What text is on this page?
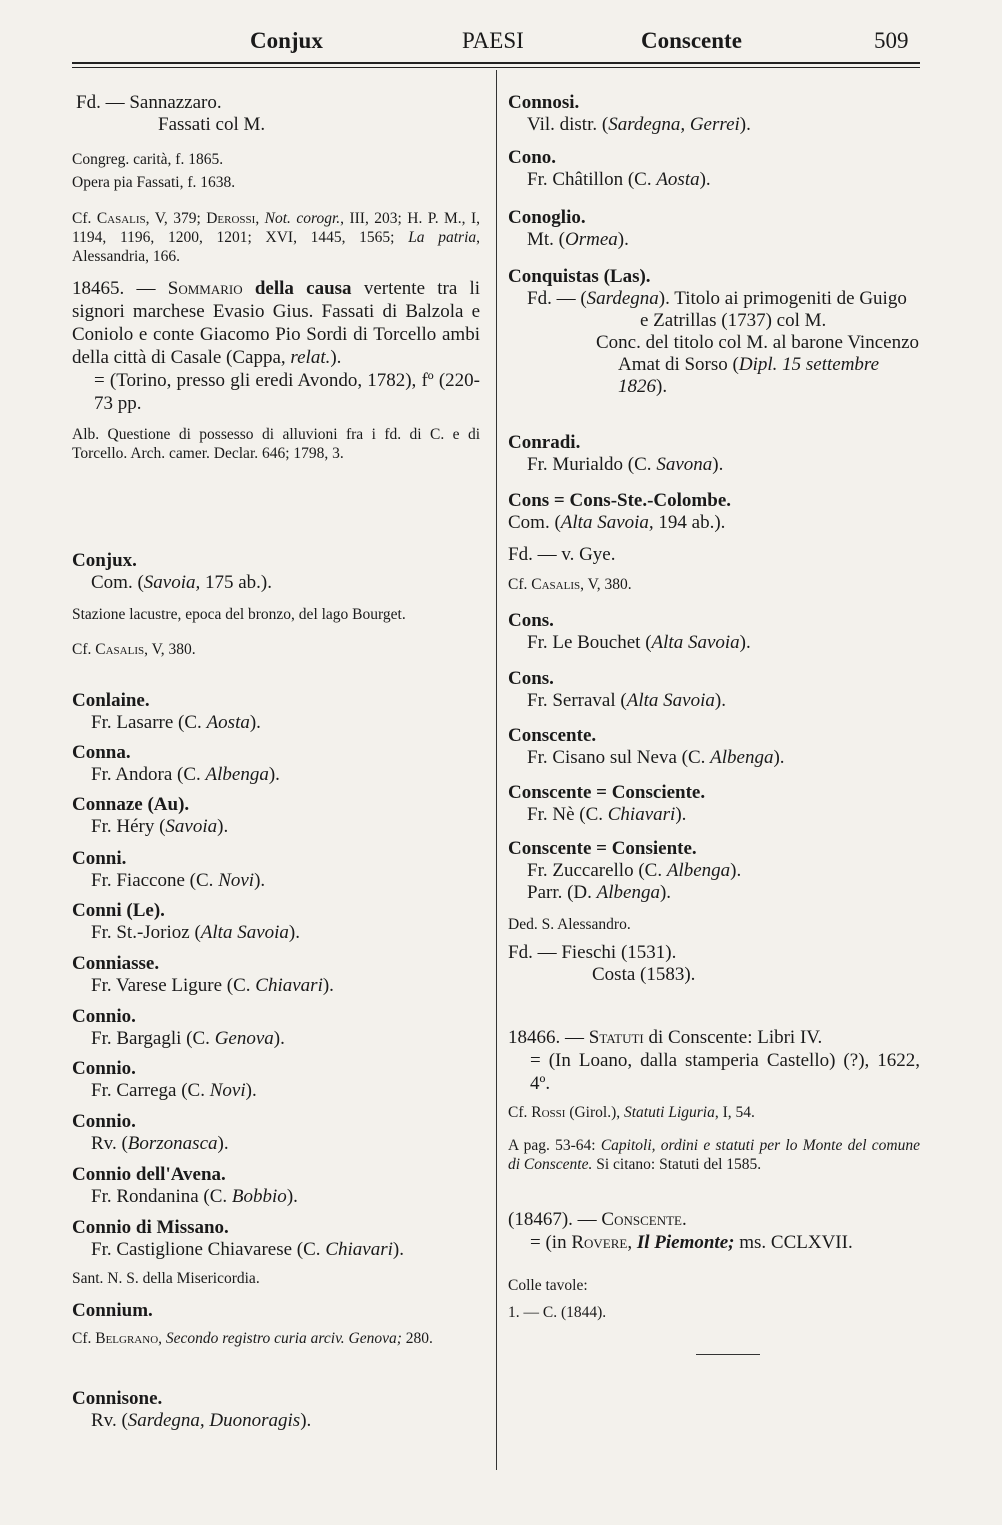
Conjux	PAESI	Conscente	509
Fd. — Sannazzaro.
Fassati col M.
Congreg. carità, f. 1865.
Opera pia Fassati, f. 1638.
Cf. Casalis, V, 379; Derossi, Not. corogr., III, 203; H. P. M., I, 1194, 1196, 1200, 1201; XVI, 1445, 1565; La patria, Alessandria, 166.
18465. — Sommario della causa vertente tra li signori marchese Evasio Gius. Fassati di Balzola e Coniolo e conte Giacomo Pio Sordi di Torcello ambi della città di Casale (Cappa, relat.).
= (Torino, presso gli eredi Avondo, 1782), fº (220-73 pp.
Alb. Questione di possesso di alluvioni fra i fd. di C. e di Torcello. Arch. camer. Declar. 646; 1798, 3.
Conjux.
Com. (Savoia, 175 ab.).
Stazione lacustre, epoca del bronzo, del lago Bourget.
Cf. Casalis, V, 380.
Conlaine.
Fr. Lasarre (C. Aosta).
Conna.
Fr. Andora (C. Albenga).
Connaze (Au).
Fr. Héry (Savoia).
Conni.
Fr. Fiaccone (C. Novi).
Conni (Le).
Fr. St.-Jorioz (Alta Savoia).
Conniasse.
Fr. Varese Ligure (C. Chiavari).
Connio.
Fr. Bargagli (C. Genova).
Connio.
Fr. Carrega (C. Novi).
Connio.
Rv. (Borzonasca).
Connio dell'Avena.
Fr. Rondanina (C. Bobbio).
Connio di Missano.
Fr. Castiglione Chiavarese (C. Chiavari).
Sant. N. S. della Misericordia.
Connium.
Cf. Belgrano, Secondo registro curia arciv. Genova; 280.
Connisone.
Rv. (Sardegna, Duonoragis).
Connosi.
Vil. distr. (Sardegna, Gerrei).
Cono.
Fr. Châtillon (C. Aosta).
Conoglio.
Mt. (Ormea).
Conquistas (Las).
Fd. — (Sardegna). Titolo ai primogeniti de Guigo e Zatrillas (1737) col M.
Conc. del titolo col M. al barone Vincenzo Amat di Sorso (Dipl. 15 settembre 1826).
Conradi.
Fr. Murialdo (C. Savona).
Cons = Cons-Ste.-Colombe.
Com. (Alta Savoia, 194 ab.).
Fd. — v. Gye.
Cf. Casalis, V, 380.
Cons.
Fr. Le Bouchet (Alta Savoia).
Cons.
Fr. Serraval (Alta Savoia).
Conscente.
Fr. Cisano sul Neva (C. Albenga).
Conscente = Consciente.
Fr. Nè (C. Chiavari).
Conscente = Consiente.
Fr. Zuccarello (C. Albenga).
Parr. (D. Albenga).
Ded. S. Alessandro.
Fd. — Fieschi (1531).
Costa (1583).
18466. — Statuti di Conscente: Libri IV.
= (In Loano, dalla stamperia Castello) (?), 1622, 4º.
Cf. Rossi (Girol.), Statuti Liguria, I, 54.
A pag. 53-64: Capitoli, ordini e statuti per lo Monte del comune di Conscente. Si citano: Statuti del 1585.
(18467). — Conscente.
= (in Rovere, Il Piemonte; ms. CCLXVII.
Colle tavole:
1. — C. (1844).
